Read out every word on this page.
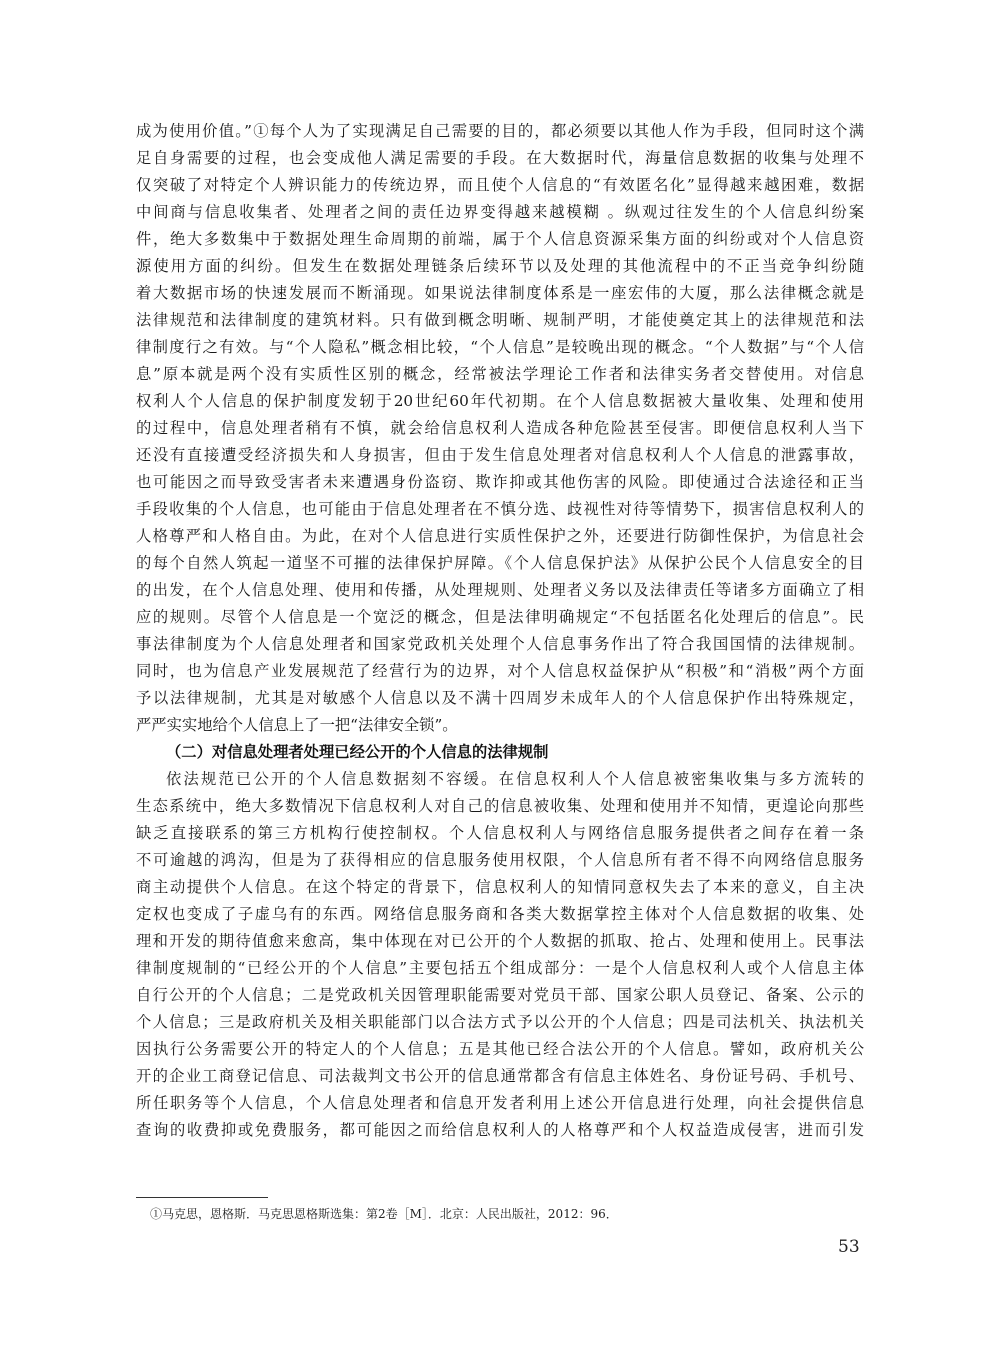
成为使用价值。”①每个人为了实现满足自己需要的目的，都必须要以其他人作为手段，但同时这个满
足自身需要的过程，也会变成他人满足需要的手段。在大数据时代，海量信息数据的收集与处理不
仅突破了对特定个人辨识能力的传统边界，而且使个人信息的“有效匿名化”显得越来越困难，数据
中间商与信息收集者、处理者之间的责任边界变得越来越模糊 。纵观过往发生的个人信息纠纷案
件，绝大多数集中于数据处理生命周期的前端，属于个人信息资源采集方面的纠纷或对个人信息资
源使用方面的纠纷。但发生在数据处理链条后续环节以及处理的其他流程中的不正当竞争纠纷随
着大数据市场的快速发展而不断涌现。如果说法律制度体系是一座宏伟的大厦，那么法律概念就是
法律规范和法律制度的建筑材料。只有做到概念明晰、规制严明，才能使奠定其上的法律规范和法
律制度行之有效。与“个人隐私”概念相比较，“个人信息”是较晚出现的概念。“个人数据”与“个人信
息”原本就是两个没有实质性区别的概念，经常被法学理论工作者和法律实务者交替使用。对信息
权利人个人信息的保护制度发轫于20世纪60年代初期。在个人信息数据被大量收集、处理和使用
的过程中，信息处理者稍有不慎，就会给信息权利人造成各种危险甚至侵害。即便信息权利人当下
还没有直接遭受经济损失和人身损害，但由于发生信息处理者对信息权利人个人信息的泄露事故，
也可能因之而导致受害者未来遭遇身份盗窃、欺诈抑或其他伤害的风险。即使通过合法途径和正当
手段收集的个人信息，也可能由于信息处理者在不慎分选、歧视性对待等情势下，损害信息权利人的
人格尊严和人格自由。为此，在对个人信息进行实质性保护之外，还要进行防御性保护，为信息社会
的每个自然人筑起一道坚不可摧的法律保护屏障。《个人信息保护法》从保护公民个人信息安全的目
的出发，在个人信息处理、使用和传播，从处理规则、处理者义务以及法律责任等诸多方面确立了相
应的规则。尽管个人信息是一个宽泛的概念，但是法律明确规定“不包括匿名化处理后的信息”。民
事法律制度为个人信息处理者和国家党政机关处理个人信息事务作出了符合我国国情的法律规制。
同时，也为信息产业发展规范了经营行为的边界，对个人信息权益保护从“积极”和“消极”两个方面
予以法律规制，尤其是对敏感个人信息以及不满十四周岁未成年人的个人信息保护作出特殊规定，
严严实实地给个人信息上了一把“法律安全锁”。
（二）对信息处理者处理已经公开的个人信息的法律规制
依法规范已公开的个人信息数据刻不容缓。在信息权利人个人信息被密集收集与多方流转的
生态系统中，绝大多数情况下信息权利人对自己的信息被收集、处理和使用并不知情，更遑论向那些
缺乏直接联系的第三方机构行使控制权。个人信息权利人与网络信息服务提供者之间存在着一条
不可逾越的鸿沟，但是为了获得相应的信息服务使用权限，个人信息所有者不得不向网络信息服务
商主动提供个人信息。在这个特定的背景下，信息权利人的知情同意权失去了本来的意义，自主决
定权也变成了子虚乌有的东西。网络信息服务商和各类大数据掌控主体对个人信息数据的收集、处
理和开发的期待值愈来愈高，集中体现在对已公开的个人数据的抓取、抢占、处理和使用上。民事法
律制度规制的“已经公开的个人信息”主要包括五个组成部分：一是个人信息权利人或个人信息主体
自行公开的个人信息；二是党政机关因管理职能需要对党员干部、国家公职人员登记、备案、公示的
个人信息；三是政府机关及相关职能部门以合法方式予以公开的个人信息；四是司法机关、执法机关
因执行公务需要公开的特定人的个人信息；五是其他已经合法公开的个人信息。譬如，政府机关公
开的企业工商登记信息、司法裁判文书公开的信息通常都含有信息主体姓名、身份证号码、手机号、
所任职务等个人信息，个人信息处理者和信息开发者利用上述公开信息进行处理，向社会提供信息
查询的收费抑或免费服务，都可能因之而给信息权利人的人格尊严和个人权益造成侵害，进而引发
①马克思，恩格斯．马克思恩格斯选集：第2卷［M］．北京：人民出版社，2012：96．
53
